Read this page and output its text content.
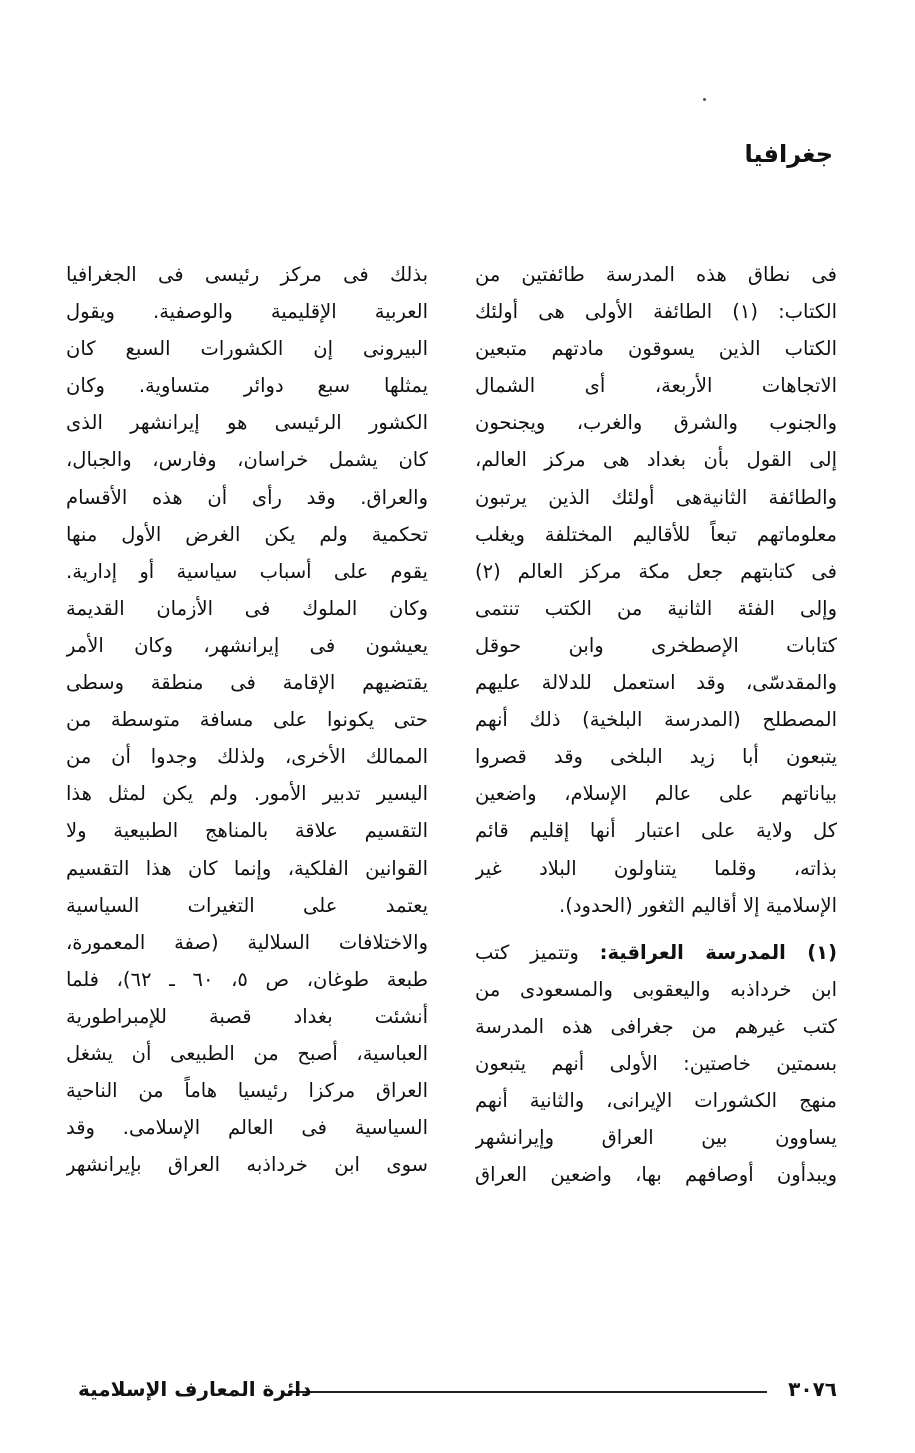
جغرافيا
فى نطاق هذه المدرسة طائفتين من
الكتاب: (١) الطائفة الأولى هى أولئك
الكتاب الذين يسوقون مادتهم متبعين
الاتجاهات الأربعة، أى الشمال
والجنوب والشرق والغرب، ويجنحون
إلى القول بأن بغداد هى مركز العالم،
والطائفة الثانيةهى أولئك الذين يرتبون
معلوماتهم تبعاً للأقاليم المختلفة ويغلب
فى كتابتهم جعل مكة مركز العالم (٢)
وإلى الفئة الثانية من الكتب تنتمى
كتابات الإصطخرى وابن حوقل
والمقدسّى، وقد استعمل للدلالة عليهم
المصطلح (المدرسة البلخية) ذلك أنهم
يتبعون أبا زيد البلخى وقد قصروا
بياناتهم على عالم الإسلام، واضعين
كل ولاية على اعتبار أنها إقليم قائم
بذاته، وقلما يتناولون البلاد غير
الإسلامية إلا أقاليم الثغور (الحدود).
(١) المدرسة العراقية: وتتميز كتب
ابن خرداذبه واليعقوبى والمسعودى من
كتب غيرهم من جغرافى هذه المدرسة
بسمتين خاصتين: الأولى أنهم يتبعون
منهج الكشورات الإيرانى، والثانية أنهم
يساوون بين العراق وإيرانشهر
ويبدأون أوصافهم بها، واضعين العراق
بذلك فى مركز رئيسى فى الجغرافيا
العربية الإقليمية والوصفية. ويقول
البيرونى إن الكشورات السبع كان
يمثلها سبع دوائر متساوية. وكان
الكشور الرئيسى هو إيرانشهر الذى
كان يشمل خراسان، وفارس، والجبال،
والعراق. وقد رأى أن هذه الأقسام
تحكمية ولم يكن الغرض الأول منها
يقوم على أسباب سياسية أو إدارية.
وكان الملوك فى الأزمان القديمة
يعيشون فى إيرانشهر، وكان الأمر
يقتضيهم الإقامة فى منطقة وسطى
حتى يكونوا على مسافة متوسطة من
الممالك الأخرى، ولذلك وجدوا أن من
اليسير تدبير الأمور. ولم يكن لمثل هذا
التقسيم علاقة بالمناهج الطبيعية ولا
القوانين الفلكية، وإنما كان هذا التقسيم
يعتمد على التغيرات السياسية
والاختلافات السلالية (صفة المعمورة،
طبعة طوغان، ص ٥، ٦٠ ـ ٦٢)، فلما
أنشئت بغداد قصبة للإمبراطورية
العباسية، أصبح من الطبيعى أن يشغل
العراق مركزا رئيسيا هاماً من الناحية
السياسية فى العالم الإسلامى. وقد
سوى ابن خرداذبه العراق بإيرانشهر
٣٠٧٦
دائرة المعارف الإسلامية
